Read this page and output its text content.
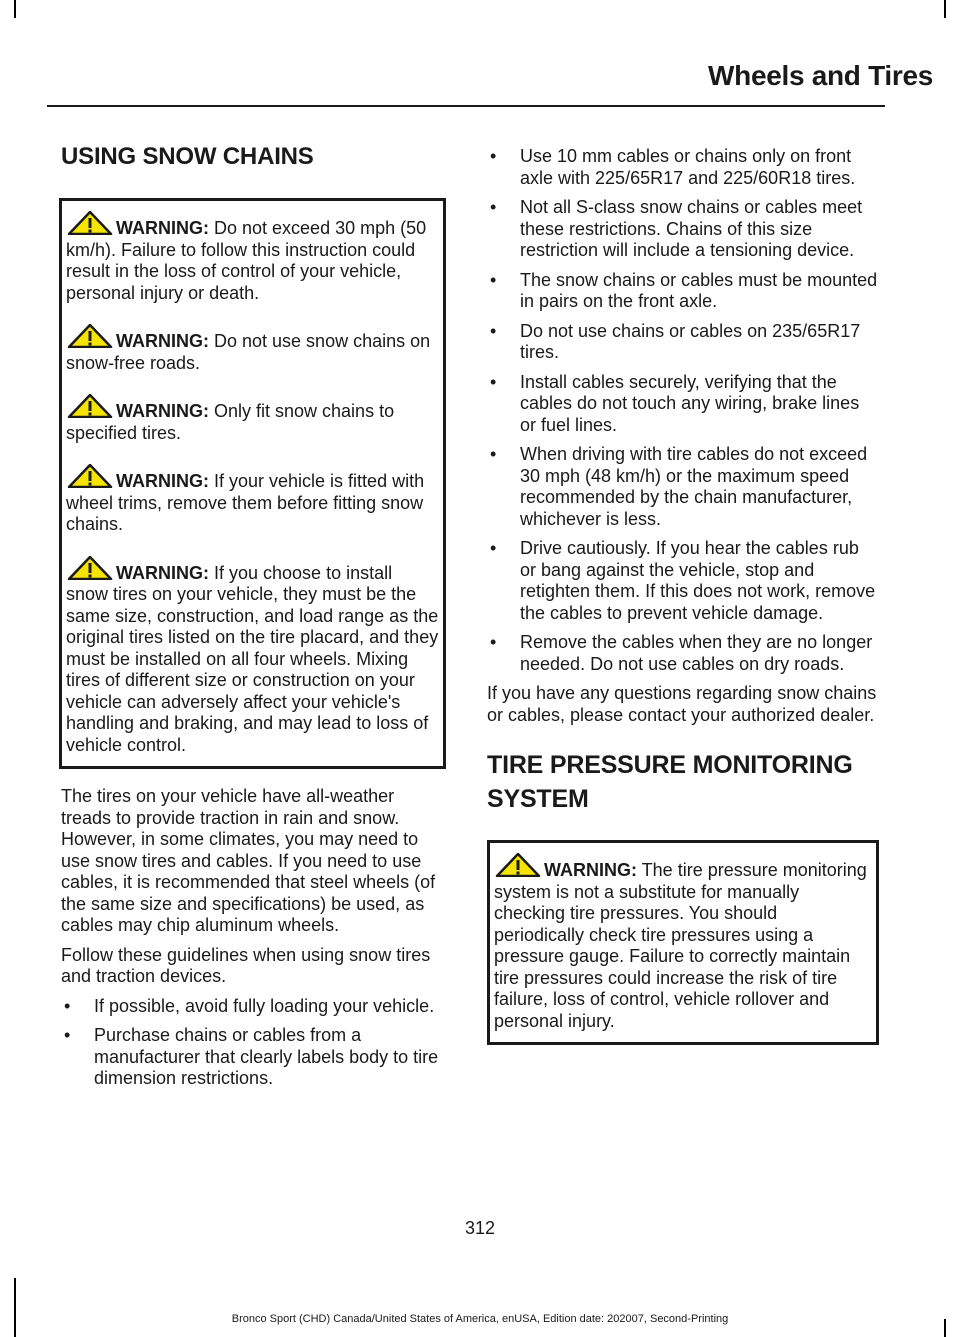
Wheels and Tires
USING SNOW CHAINS

WARNING: Do not exceed 30 mph (50 km/h). Failure to follow this instruction could result in the loss of control of your vehicle, personal injury or death.

WARNING: Do not use snow chains on snow-free roads.

WARNING: Only fit snow chains to specified tires.

WARNING: If your vehicle is fitted with wheel trims, remove them before fitting snow chains.

WARNING: If you choose to install snow tires on your vehicle, they must be the same size, construction, and load range as the original tires listed on the tire placard, and they must be installed on all four wheels. Mixing tires of different size or construction on your vehicle can adversely affect your vehicle's handling and braking, and may lead to loss of vehicle control.

The tires on your vehicle have all-weather treads to provide traction in rain and snow. However, in some climates, you may need to use snow tires and cables. If you need to use cables, it is recommended that steel wheels (of the same size and specifications) be used, as cables may chip aluminum wheels.

Follow these guidelines when using snow tires and traction devices.

• If possible, avoid fully loading your vehicle.
• Purchase chains or cables from a manufacturer that clearly labels body to tire dimension restrictions.
• Use 10 mm cables or chains only on front axle with 225/65R17 and 225/60R18 tires.
• Not all S-class snow chains or cables meet these restrictions. Chains of this size restriction will include a tensioning device.
• The snow chains or cables must be mounted in pairs on the front axle.
• Do not use chains or cables on 235/65R17 tires.
• Install cables securely, verifying that the cables do not touch any wiring, brake lines or fuel lines.
• When driving with tire cables do not exceed 30 mph (48 km/h) or the maximum speed recommended by the chain manufacturer, whichever is less.
• Drive cautiously. If you hear the cables rub or bang against the vehicle, stop and retighten them. If this does not work, remove the cables to prevent vehicle damage.
• Remove the cables when they are no longer needed. Do not use cables on dry roads.

If you have any questions regarding snow chains or cables, please contact your authorized dealer.

TIRE PRESSURE MONITORING SYSTEM

WARNING: The tire pressure monitoring system is not a substitute for manually checking tire pressures. You should periodically check tire pressures using a pressure gauge. Failure to correctly maintain tire pressures could increase the risk of tire failure, loss of control, vehicle rollover and personal injury.

312
Bronco Sport (CHD) Canada/United States of America, enUSA, Edition date: 202007, Second-Printing
